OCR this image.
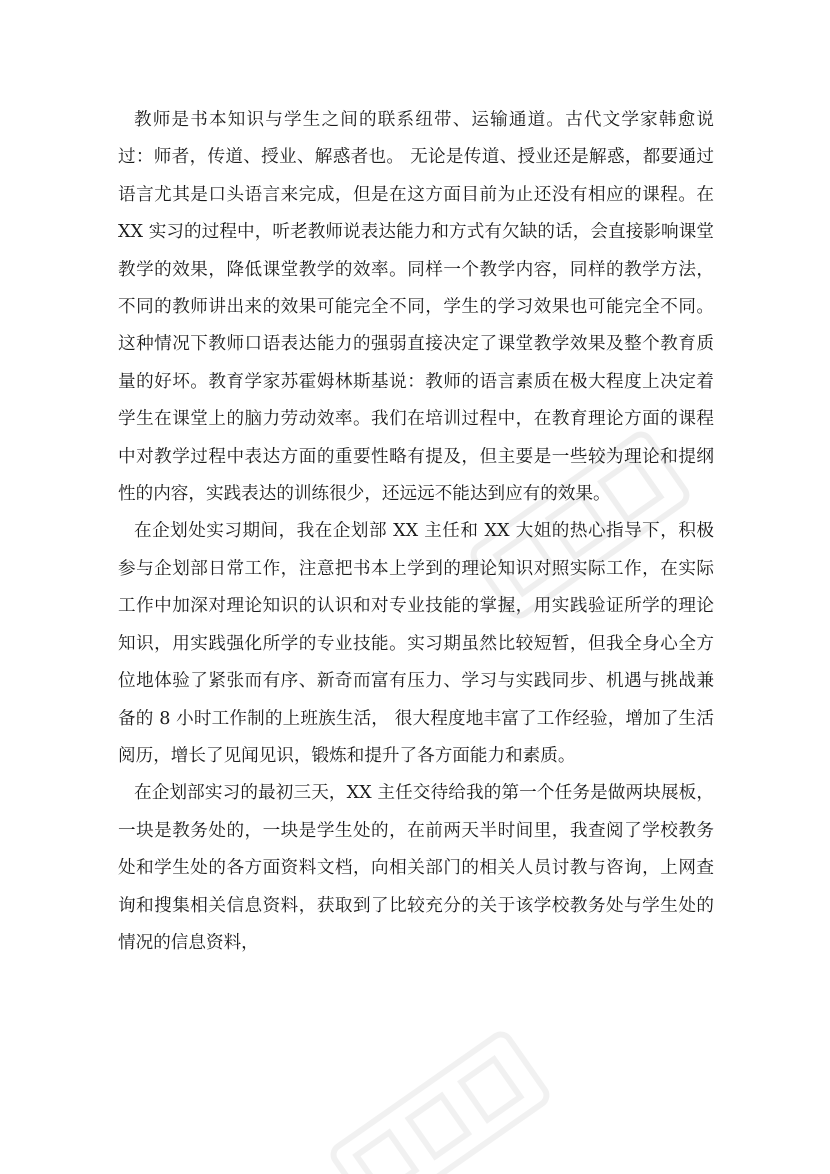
教师是书本知识与学生之间的联系纽带、运输通道。古代文学家韩愈说过：师者，传道、授业、解惑者也。 无论是传道、授业还是解惑，都要通过语言尤其是口头语言来完成，但是在这方面目前为止还没有相应的课程。在 XX 实习的过程中，听老教师说表达能力和方式有欠缺的话，会直接影响课堂教学的效果，降低课堂教学的效率。同样一个教学内容，同样的教学方法，不同的教师讲出来的效果可能完全不同，学生的学习效果也可能完全不同。这种情况下教师口语表达能力的强弱直接决定了课堂教学效果及整个教育质量的好坏。教育学家苏霍姆林斯基说：教师的语言素质在极大程度上决定着学生在课堂上的脑力劳动效率。我们在培训过程中，在教育理论方面的课程中对教学过程中表达方面的重要性略有提及，但主要是一些较为理论和提纲性的内容，实践表达的训练很少，还远远不能达到应有的效果。

在企划处实习期间，我在企划部 XX 主任和 XX 大姐的热心指导下，积极参与企划部日常工作，注意把书本上学到的理论知识对照实际工作，在实际工作中加深对理论知识的认识和对专业技能的掌握，用实践验证所学的理论知识，用实践强化所学的专业技能。实习期虽然比较短暂，但我全身心全方位地体验了紧张而有序、新奇而富有压力、学习与实践同步、机遇与挑战兼备的 8 小时工作制的上班族生活， 很大程度地丰富了工作经验，增加了生活阅历，增长了见闻见识，锻炼和提升了各方面能力和素质。

在企划部实习的最初三天，XX 主任交待给我的第一个任务是做两块展板，一块是教务处的，一块是学生处的，在前两天半时间里，我查阅了学校教务处和学生处的各方面资料文档，向相关部门的相关人员讨教与咨询，上网查询和搜集相关信息资料，获取到了比较充分的关于该学校教务处与学生处的情况的信息资料，
